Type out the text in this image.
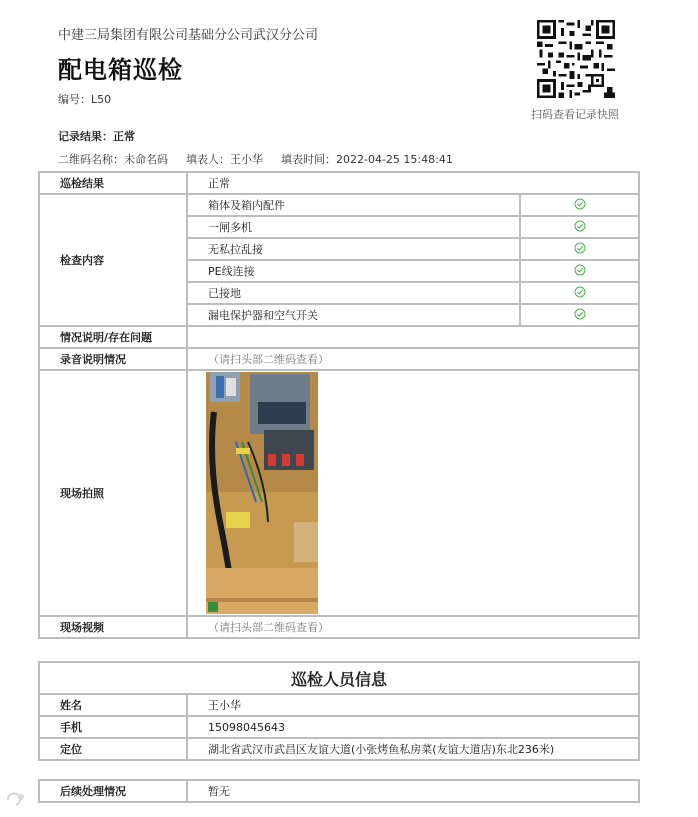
中建三局集团有限公司基础分公司武汉分公司
配电箱巡检
编号：L50
扫码查看记录快照
记录结果：正常
二维码名称：未命名码 填表人：王小华 填表时间：2022-04-25 15:48:41
巡检结果	正常	
检查内容	箱体及箱内配件	
	一闸多机	
	无私拉乱接	
	PE线连接	
	已接地	
	漏电保护器和空气开关	
情况说明/存在问题		
录音说明情况	（请扫头部二维码查看）	
现场拍照	

现场视频	（请扫头部二维码查看）	
巡检人员信息	
姓名	王小华
手机	15098045643
定位	湖北省武汉市武昌区友谊大道(小张烤鱼私房菜(友谊大道店)东北236米)
后续处理情况	暂无
